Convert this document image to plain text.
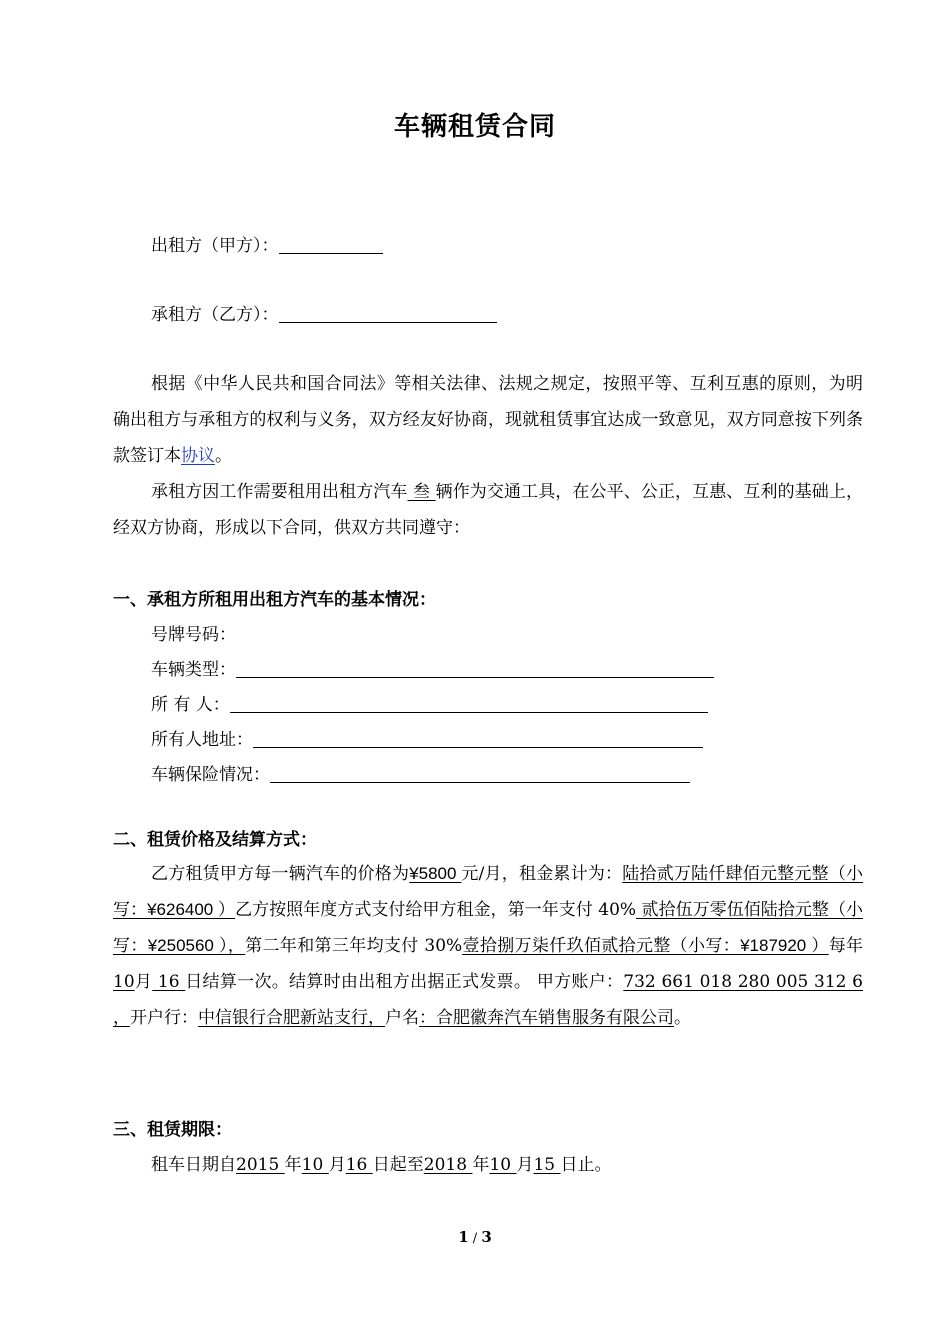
车辆租赁合同
出租方（甲方）：
承租方（乙方）：
根据《中华人民共和国合同法》等相关法律、法规之规定，按照平等、互利互惠的原则，为明确出租方与承租方的权利与义务，双方经友好协商，现就租赁事宜达成一致意见，双方同意按下列条款签订本协议。
承租方因工作需要租用出租方汽车 叁 辆作为交通工具，在公平、公正，互惠、互利的基础上，经双方协商，形成以下合同，供双方共同遵守：
一、承租方所租用出租方汽车的基本情况：
号牌号码：
车辆类型：
所 有 人：
所有人地址：
车辆保险情况：
二、租赁价格及结算方式：
乙方租赁甲方每一辆汽车的价格为¥5800 元/月，租金累计为：陆拾贰万陆仟肆佰元整元整（小写：¥626400 ）乙方按照年度方式支付给甲方租金，第一年支付 40% 贰拾伍万零伍佰陆拾元整（小写：¥250560 ），第二年和第三年均支付 30%壹拾捌万柒仟玖佰贰拾元整（小写：¥187920 ）每年10月 16 日结算一次。结算时由出租方出据正式发票。 甲方账户：732 661 018 280 005 312 6 ，开户行：中信银行合肥新站支行，户名：合肥徽奔汽车销售服务有限公司。
三、租赁期限：
租车日期自2015 年10 月16 日起至2018 年10 月15 日止。
1 / 3
